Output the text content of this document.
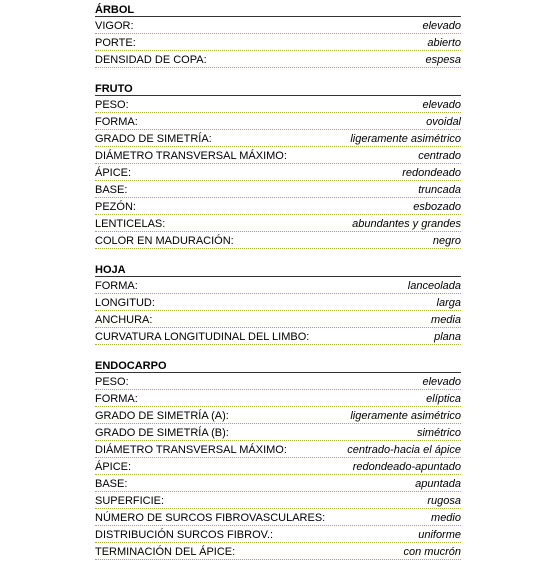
ÁRBOL
VIGOR:	elevado
PORTE:	abierto
DENSIDAD DE COPA:	espesa
FRUTO
PESO:	elevado
FORMA:	ovoidal
GRADO DE SIMETRÍA:	ligeramente asimétrico
DIÁMETRO TRANSVERSAL MÁXIMO:	centrado
ÁPICE:	redondeado
BASE:	truncada
PEZÓN:	esbozado
LENTICELAS:	abundantes y grandes
COLOR EN MADURACIÓN:	negro
HOJA
FORMA:	lanceolada
LONGITUD:	larga
ANCHURA:	media
CURVATURA LONGITUDINAL DEL LIMBO:	plana
ENDOCARPO
PESO:	elevado
FORMA:	elíptica
GRADO DE SIMETRÍA (A):	ligeramente asimétrico
GRADO DE SIMETRÍA (B):	simétrico
DIÁMETRO TRANSVERSAL MÁXIMO:	centrado-hacia el ápice
ÁPICE:	redondeado-apuntado
BASE:	apuntada
SUPERFICIE:	rugosa
NÚMERO DE SURCOS FIBROVASCULARES:	medio
DISTRIBUCIÓN SURCOS FIBROV.:	uniforme
TERMINACIÓN DEL ÁPICE:	con mucrón
